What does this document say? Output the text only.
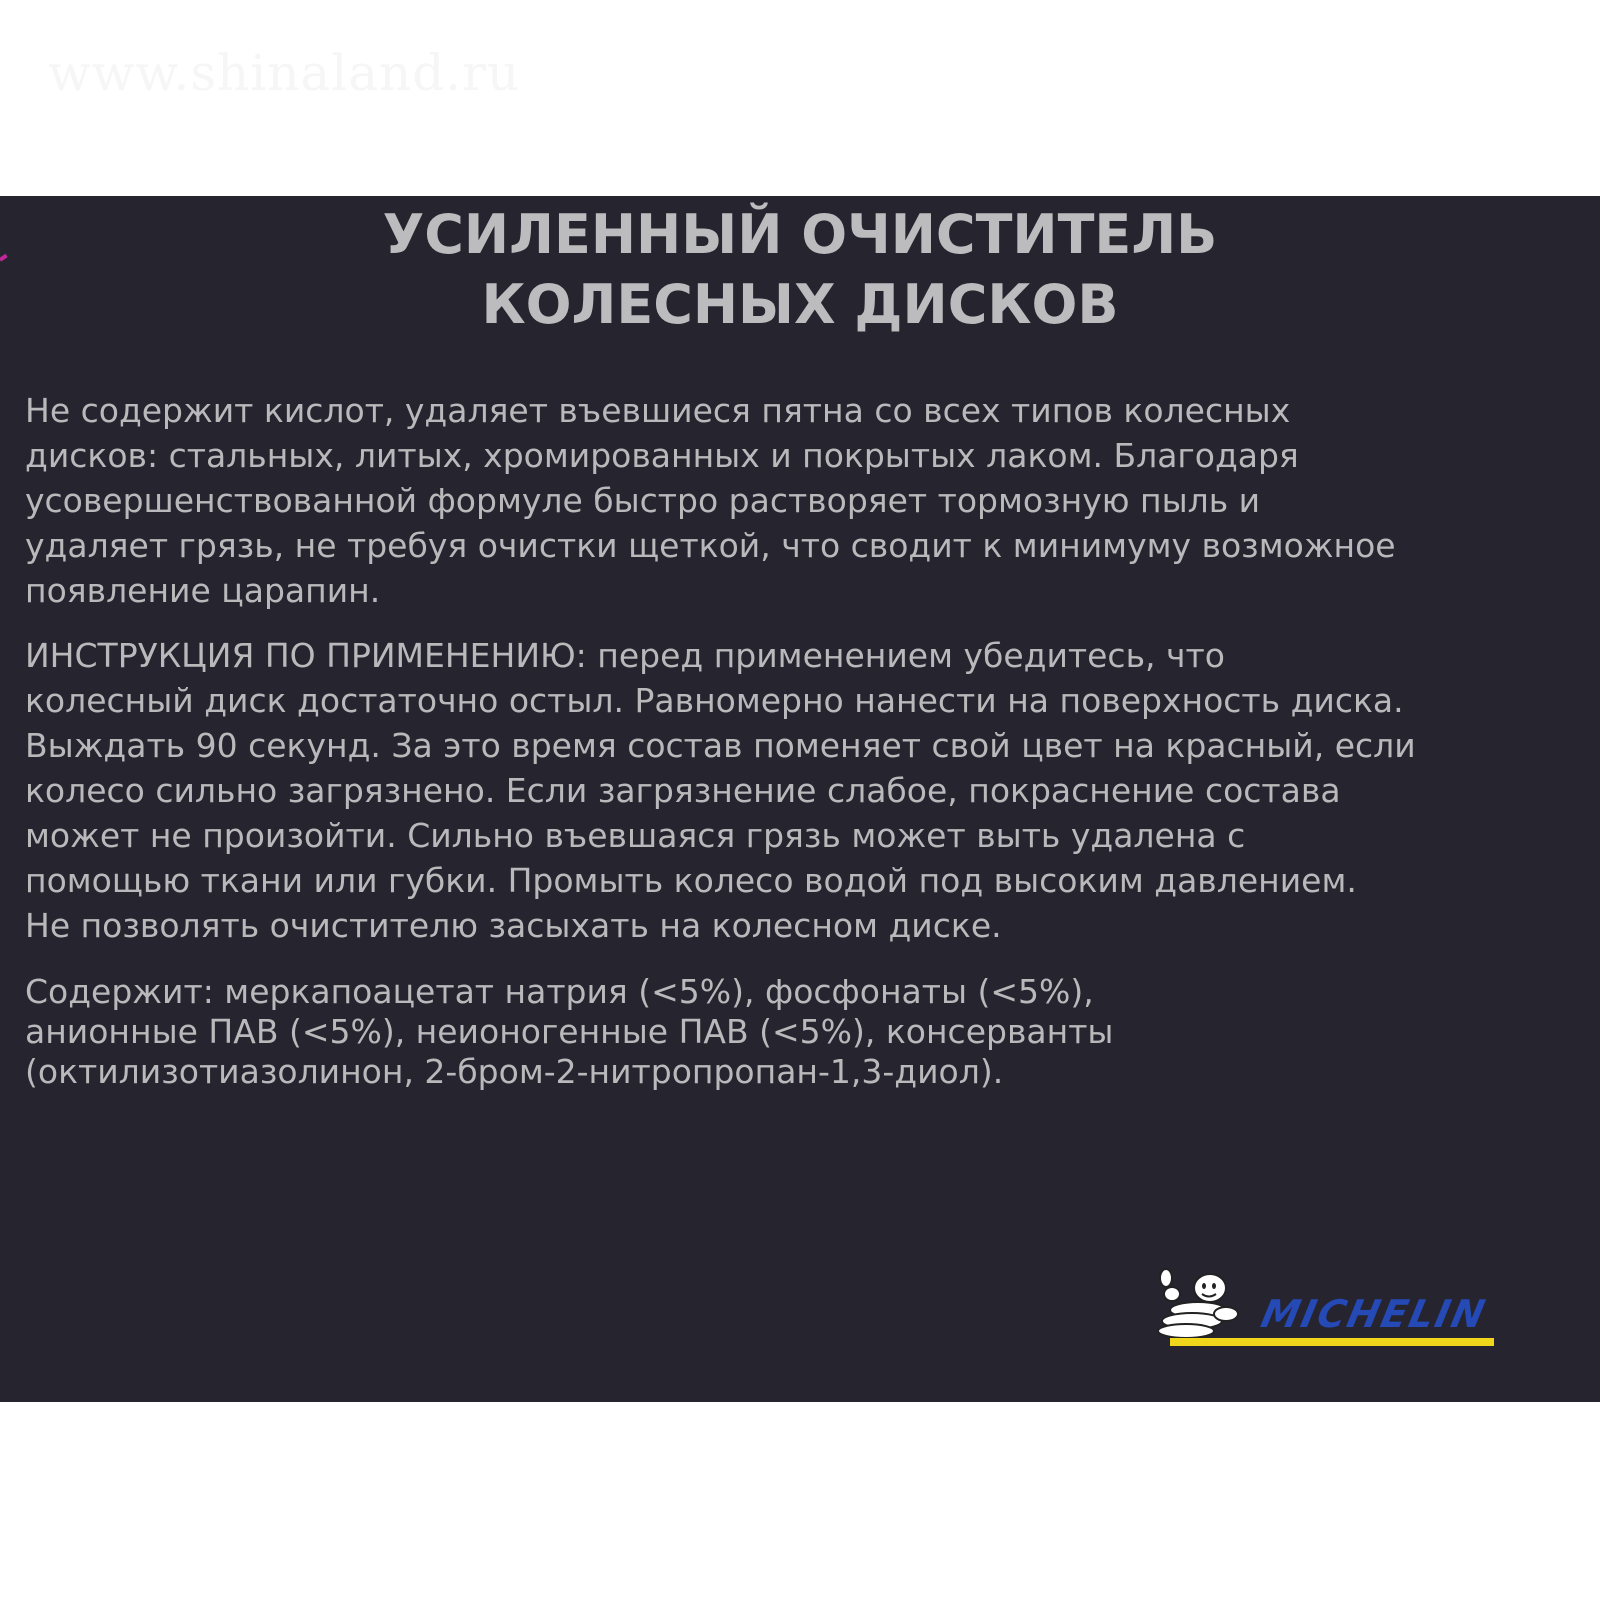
www.shinaland.ru
УСИЛЕННЫЙ ОЧИСТИТЕЛЬ
КОЛЕСНЫХ ДИСКОВ

Не содержит кислот, удаляет въевшиеся пятна со всех типов колесных
дисков: стальных, литых, хромированных и покрытых лаком. Благодаря
усовершенствованной формуле быстро растворяет тормозную пыль и
удаляет грязь, не требуя очистки щеткой, что сводит к минимуму возможное
появление царапин.

ИНСТРУКЦИЯ ПО ПРИМЕНЕНИЮ: перед применением убедитесь, что
колесный диск достаточно остыл. Равномерно нанести на поверхность диска.
Выждать 90 секунд. За это время состав поменяет свой цвет на красный, если
колесо сильно загрязнено. Если загрязнение слабое, покраснение состава
может не произойти. Сильно въевшаяся грязь может выть удалена с
помощью ткани или губки. Промыть колесо водой под высоким давлением.
Не позволять очистителю засыхать на колесном диске.

Содержит: меркапоацетат натрия (<5%), фосфонаты (<5%),
анионные ПАВ (<5%), неионогенные ПАВ (<5%), консерванты
(октилизотиазолинон, 2-бром-2-нитропропан-1,3-диол).

MICHELIN
